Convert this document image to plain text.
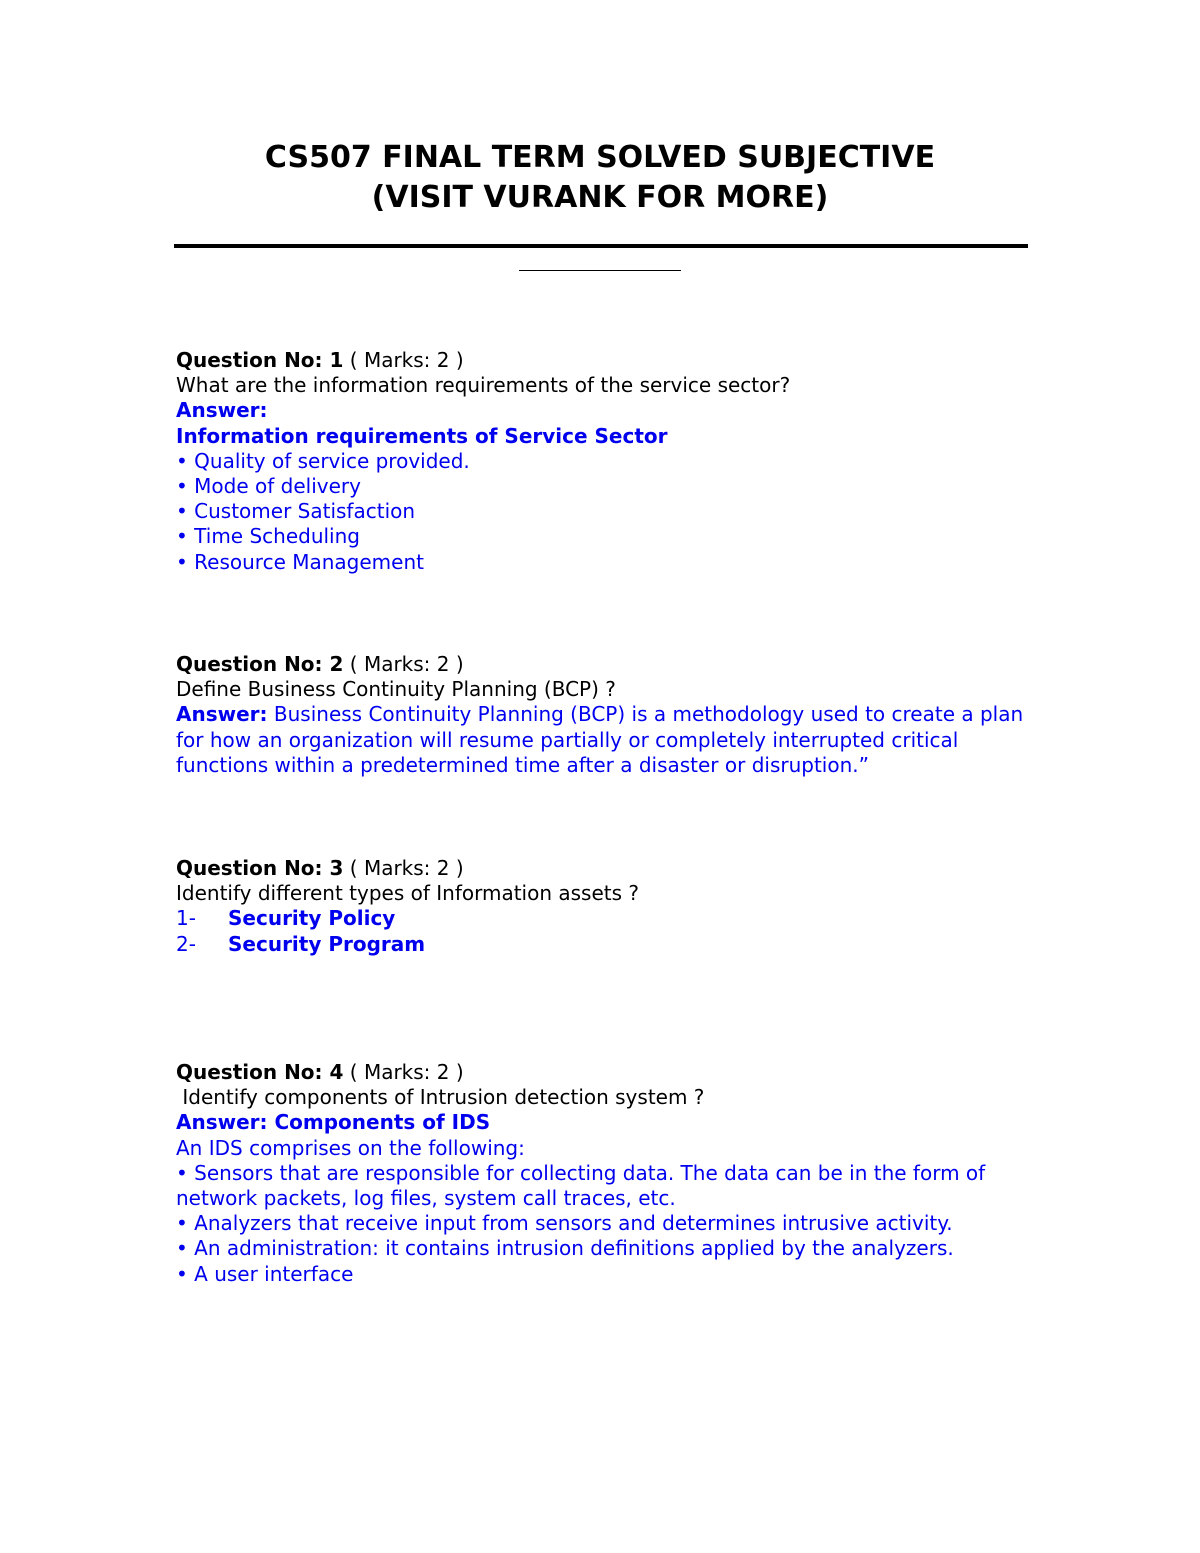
CS507 FINAL TERM SOLVED SUBJECTIVE
(VISIT VURANK FOR MORE)
Question No: 1 ( Marks: 2 )
What are the information requirements of the service sector?
Answer:
Information requirements of Service Sector
• Quality of service provided.
• Mode of delivery
• Customer Satisfaction
• Time Scheduling
• Resource Management
Question No: 2 ( Marks: 2 )
Define Business Continuity Planning (BCP) ?
Answer: Business Continuity Planning (BCP) is a methodology used to create a plan for how an organization will resume partially or completely interrupted critical functions within a predetermined time after a disaster or disruption.”
Question No: 3 ( Marks: 2 )
Identify different types of Information assets ?
1- Security Policy
2- Security Program
Question No: 4 ( Marks: 2 )
Identify components of Intrusion detection system ?
Answer: Components of IDS
An IDS comprises on the following:
• Sensors that are responsible for collecting data. The data can be in the form of network packets, log files, system call traces, etc.
• Analyzers that receive input from sensors and determines intrusive activity.
• An administration: it contains intrusion definitions applied by the analyzers.
• A user interface
